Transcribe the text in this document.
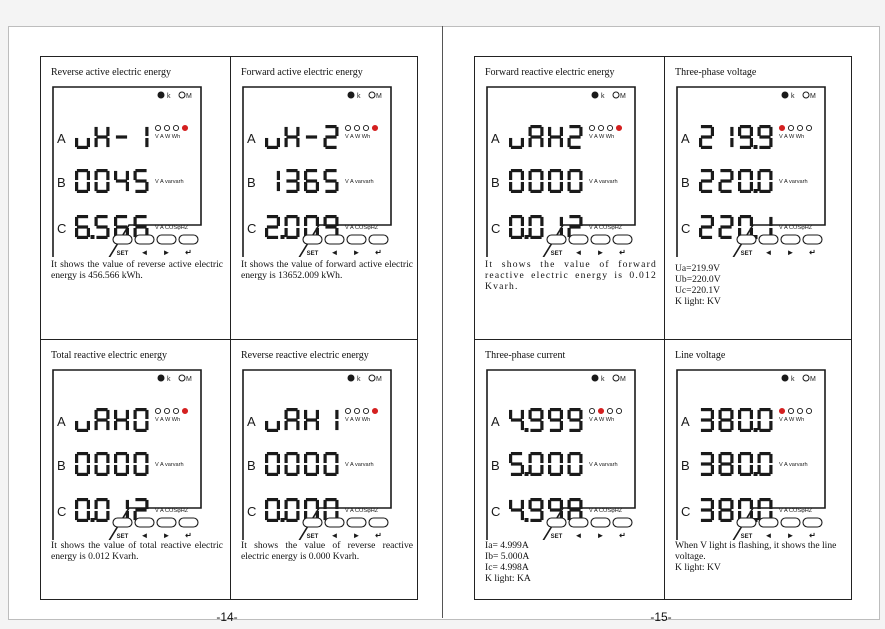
Reverse active electric energy
k M
A
B
C
V A W Wh
V A varvarh
V A COSφHZ
SET ◄ ► ↵
It shows the value of reverse active electric energy is 456.566 kWh.
Forward active electric energy
k M
A
B
C
V A W Wh
V A varvarh
V A COSφHZ
SET ◄ ► ↵
It shows the value of forward active electric energy is 13652.009 kWh.
Total reactive electric energy
k M
A
B
C
V A W Wh
V A varvarh
V A COSφHZ
SET ◄ ► ↵
It shows the value of total reactive electric energy is 0.012 Kvarh.
Reverse reactive electric energy
k M
A
B
C
V A W Wh
V A varvarh
V A COSφHZ
SET ◄ ► ↵
It shows the value of reverse reactive electric energy is 0.000 Kvarh.
-14-
Forward reactive electric energy
k M
A
B
C
V A W Wh
V A varvarh
V A COSφHZ
SET ◄ ► ↵
It shows the value of forward reactive electric energy is 0.012 Kvarh.
Three-phase voltage
k M
A
B
C
V A W Wh
V A varvarh
V A COSφHZ
SET ◄ ► ↵
Ua=219.9V
Ub=220.0V
Uc=220.1V
K light: KV
Three-phase current
k M
A
B
C
V A W Wh
V A varvarh
V A COSφHZ
SET ◄ ► ↵
Ia= 4.999A
Ib= 5.000A
Ic= 4.998A
K light: KA
Line voltage
k M
A
B
C
V A W Wh
V A varvarh
V A COSφHZ
SET ◄ ► ↵
When V light is flashing, it shows the line voltage.
K light: KV
-15-
